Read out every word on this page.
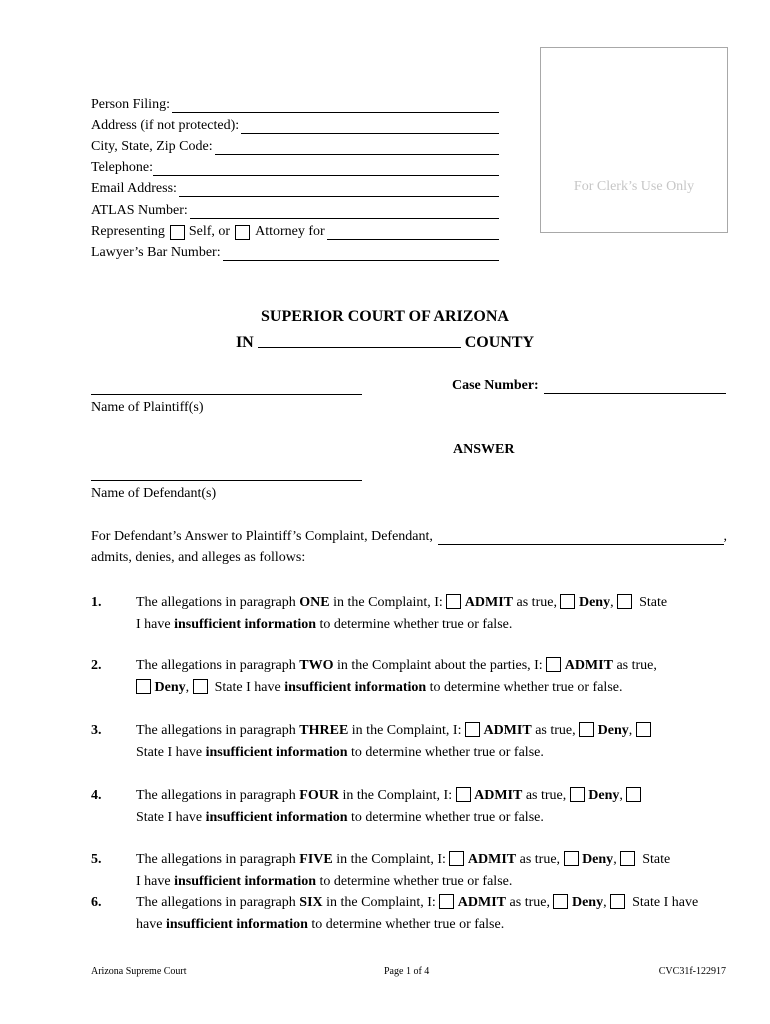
Person Filing:
Address (if not protected):
City, State, Zip Code:
Telephone:
Email Address:
ATLAS Number:
Representing Self, or Attorney for
Lawyer’s Bar Number:
For Clerk’s Use Only
SUPERIOR COURT OF ARIZONA
IN	COUNTY
Name of Plaintiff(s)
Case Number:
ANSWER
Name of Defendant(s)
For Defendant’s Answer to Plaintiff’s Complaint, Defendant,	,
admits, denies, and alleges as follows:
1. The allegations in paragraph ONE in the Complaint, I: ADMIT as true, Deny, State
I have insufficient information to determine whether true or false.
2. The allegations in paragraph TWO in the Complaint about the parties, I: ADMIT as true,
Deny, State I have insufficient information to determine whether true or false.
3. The allegations in paragraph THREE in the Complaint, I: ADMIT as true, Deny,
State I have insufficient information to determine whether true or false.
4. The allegations in paragraph FOUR in the Complaint, I: ADMIT as true, Deny,
State I have insufficient information to determine whether true or false.
5. The allegations in paragraph FIVE in the Complaint, I: ADMIT as true, Deny, State
I have insufficient information to determine whether true or false.
6. The allegations in paragraph SIX in the Complaint, I: ADMIT as true, Deny, State I have
have insufficient information to determine whether true or false.
Arizona Supreme Court	Page 1 of 4	CVC31f-122917
